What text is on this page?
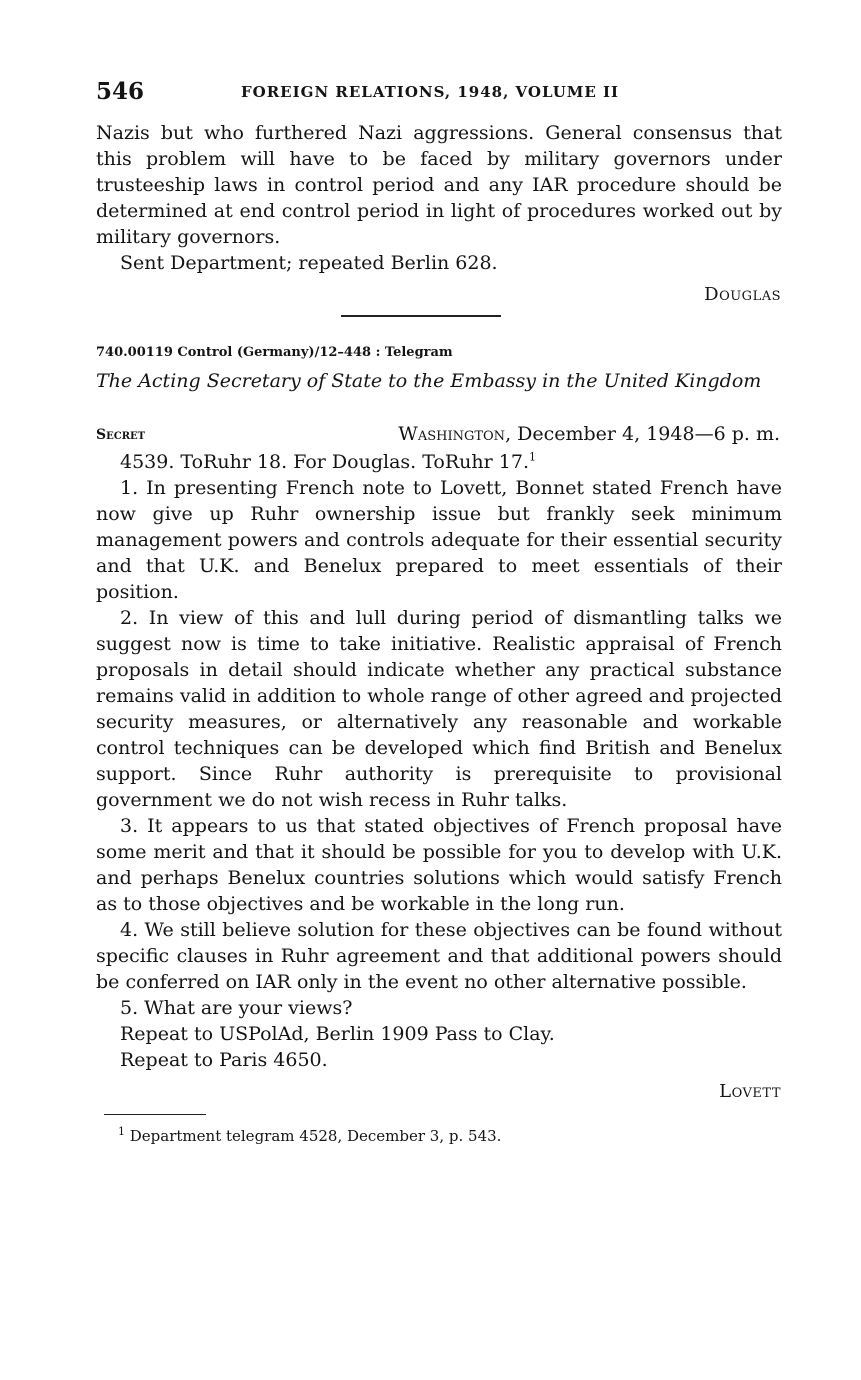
546	FOREIGN RELATIONS, 1948, VOLUME II

Nazis but who furthered Nazi aggressions. General consensus that this problem will have to be faced by military governors under trusteeship laws in control period and any IAR procedure should be determined at end control period in light of procedures worked out by military governors.

Sent Department; repeated Berlin 628.

Douglas
740.00119 Control (Germany)/12–448 : Telegram
The Acting Secretary of State to the Embassy in the United Kingdom
Secret	Washington, December 4, 1948—6 p. m.

4539. ToRuhr 18. For Douglas. ToRuhr 17.$^1$

1. In presenting French note to Lovett, Bonnet stated French have now give up Ruhr ownership issue but frankly seek minimum management powers and controls adequate for their essential security and that U.K. and Benelux prepared to meet essentials of their position.

2. In view of this and lull during period of dismantling talks we suggest now is time to take initiative. Realistic appraisal of French proposals in detail should indicate whether any practical substance remains valid in addition to whole range of other agreed and projected security measures, or alternatively any reasonable and workable control techniques can be developed which find British and Benelux support. Since Ruhr authority is prerequisite to provisional government we do not wish recess in Ruhr talks.

3. It appears to us that stated objectives of French proposal have some merit and that it should be possible for you to develop with U.K. and perhaps Benelux countries solutions which would satisfy French as to those objectives and be workable in the long run.

4. We still believe solution for these objectives can be found without specific clauses in Ruhr agreement and that additional powers should be conferred on IAR only in the event no other alternative possible.

5. What are your views?

Repeat to USPolAd, Berlin 1909 Pass to Clay.

Repeat to Paris 4650.

Lovett
$^1$ Department telegram 4528, December 3, p. 543.
